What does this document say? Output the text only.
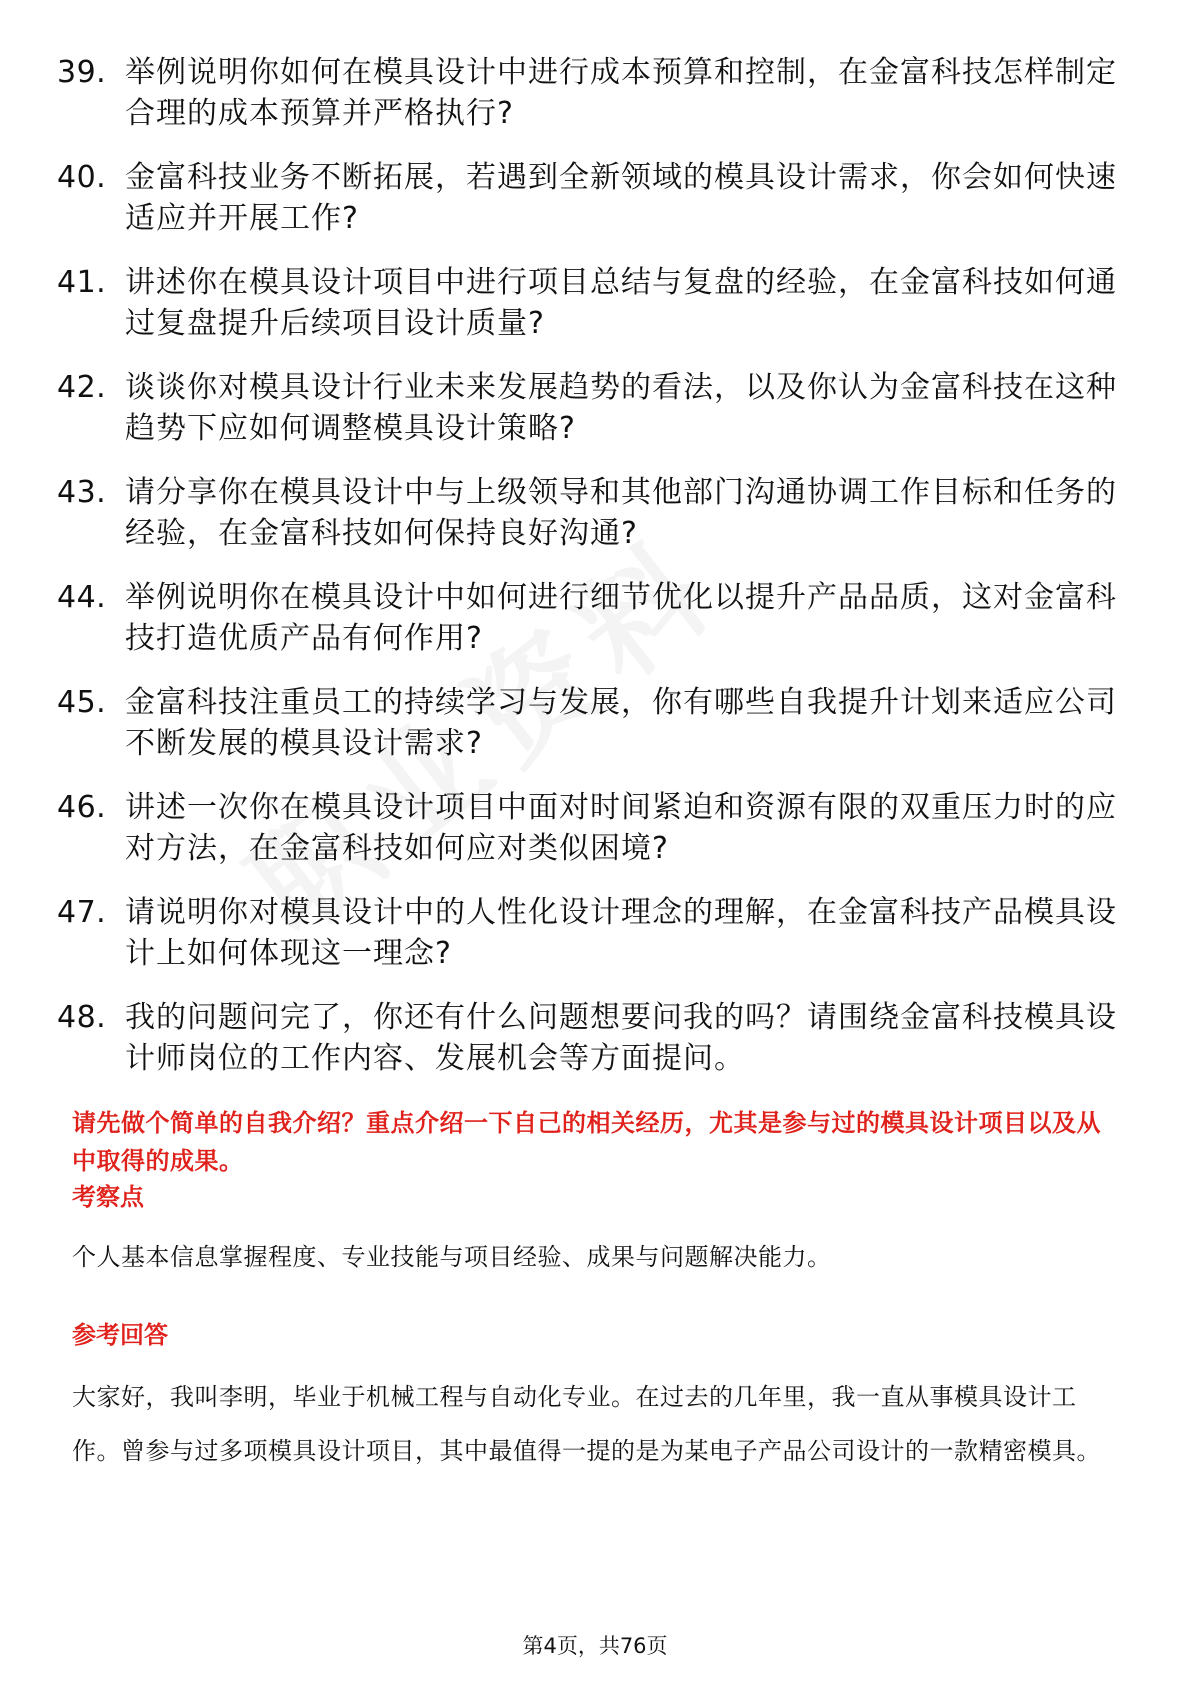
39. 举例说明你如何在模具设计中进行成本预算和控制，在金富科技怎样制定合理的成本预算并严格执行?
40. 金富科技业务不断拓展，若遇到全新领域的模具设计需求，你会如何快速适应并开展工作?
41. 讲述你在模具设计项目中进行项目总结与复盘的经验，在金富科技如何通过复盘提升后续项目设计质量?
42. 谈谈你对模具设计行业未来发展趋势的看法，以及你认为金富科技在这种趋势下应如何调整模具设计策略?
43. 请分享你在模具设计中与上级领导和其他部门沟通协调工作目标和任务的经验，在金富科技如何保持良好沟通?
44. 举例说明你在模具设计中如何进行细节优化以提升产品品质，这对金富科技打造优质产品有何作用?
45. 金富科技注重员工的持续学习与发展，你有哪些自我提升计划来适应公司不断发展的模具设计需求?
46. 讲述一次你在模具设计项目中面对时间紧迫和资源有限的双重压力时的应对方法，在金富科技如何应对类似困境?
47. 请说明你对模具设计中的人性化设计理念的理解，在金富科技产品模具设计上如何体现这一理念?
48. 我的问题问完了，你还有什么问题想要问我的吗？请围绕金富科技模具设计师岗位的工作内容、发展机会等方面提问。
请先做个简单的自我介绍？重点介绍一下自己的相关经历，尤其是参与过的模具设计项目以及从中取得的成果。
考察点
个人基本信息掌握程度、专业技能与项目经验、成果与问题解决能力。
参考回答
大家好，我叫李明，毕业于机械工程与自动化专业。在过去的几年里，我一直从事模具设计工作。曾参与过多项模具设计项目，其中最值得一提的是为某电子产品公司设计的一款精密模具。
第4页，共76页
